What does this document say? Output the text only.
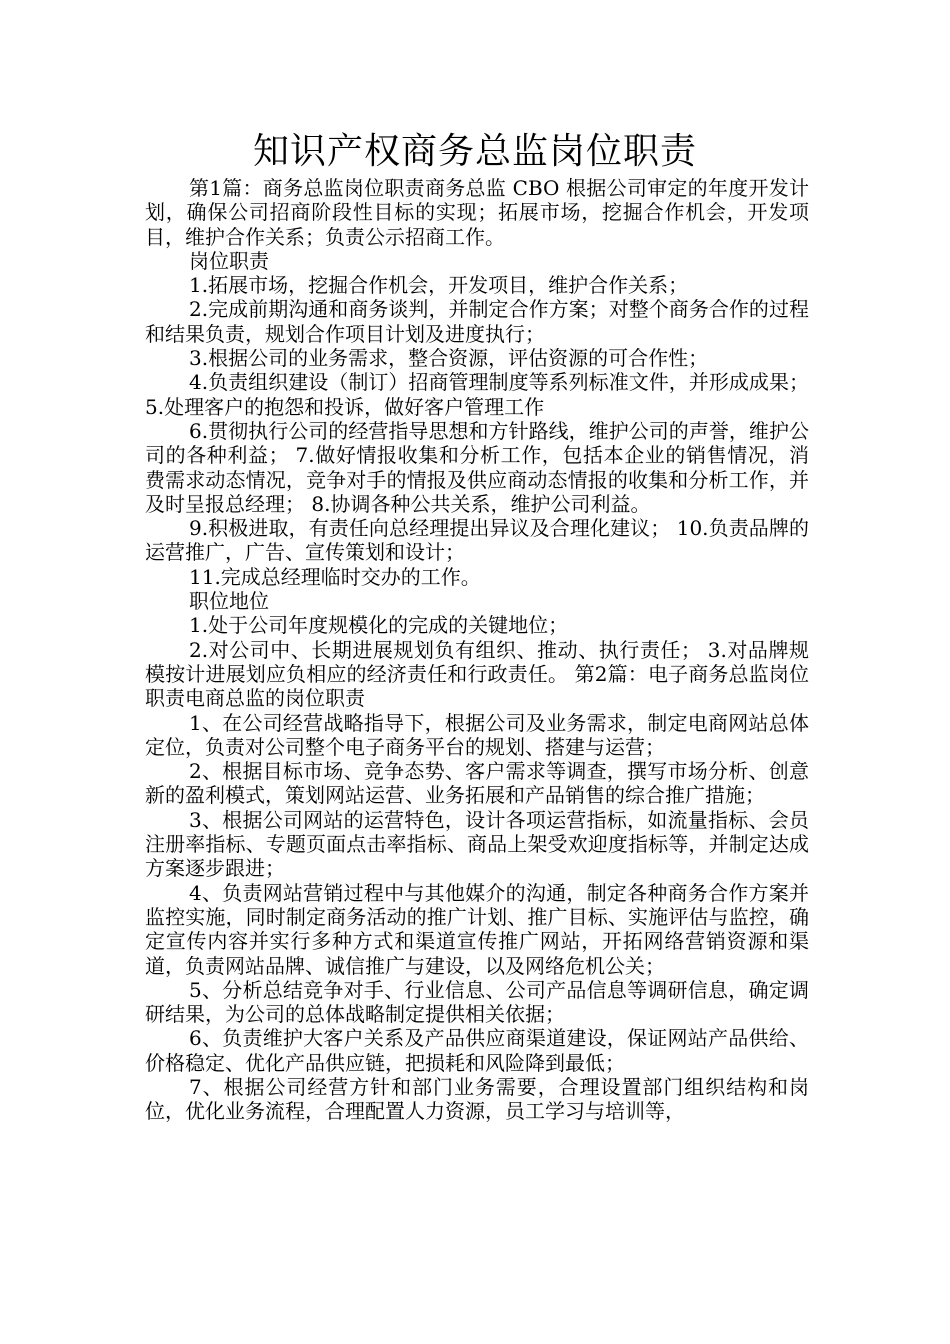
知识产权商务总监岗位职责

第1篇：商务总监岗位职责商务总监 CBO 根据公司审定的年度开发计划，确保公司招商阶段性目标的实现；拓展市场，挖掘合作机会，开发项目，维护合作关系；负责公示招商工作。

岗位职责

1.拓展市场，挖掘合作机会，开发项目，维护合作关系；

2.完成前期沟通和商务谈判，并制定合作方案；对整个商务合作的过程和结果负责，规划合作项目计划及进度执行；

3.根据公司的业务需求，整合资源，评估资源的可合作性；

4.负责组织建设（制订）招商管理制度等系列标准文件，并形成成果； 5.处理客户的抱怨和投诉，做好客户管理工作

6.贯彻执行公司的经营指导思想和方针路线，维护公司的声誉，维护公司的各种利益； 7.做好情报收集和分析工作，包括本企业的销售情况，消费需求动态情况，竞争对手的情报及供应商动态情报的收集和分析工作，并及时呈报总经理； 8.协调各种公共关系，维护公司利益。

9.积极进取，有责任向总经理提出异议及合理化建议； 10.负责品牌的运营推广，广告、宣传策划和设计；

11.完成总经理临时交办的工作。

职位地位

1.处于公司年度规模化的完成的关键地位；

2.对公司中、长期进展规划负有组织、推动、执行责任； 3.对品牌规模按计进展划应负相应的经济责任和行政责任。 第2篇：电子商务总监岗位职责电商总监的岗位职责

1、在公司经营战略指导下，根据公司及业务需求，制定电商网站总体定位，负责对公司整个电子商务平台的规划、搭建与运营；

2、根据目标市场、竞争态势、客户需求等调查，撰写市场分析、创意新的盈利模式，策划网站运营、业务拓展和产品销售的综合推广措施；

3、根据公司网站的运营特色，设计各项运营指标，如流量指标、会员注册率指标、专题页面点击率指标、商品上架受欢迎度指标等，并制定达成方案逐步跟进；

4、负责网站营销过程中与其他媒介的沟通，制定各种商务合作方案并监控实施，同时制定商务活动的推广计划、推广目标、实施评估与监控，确定宣传内容并实行多种方式和渠道宣传推广网站，开拓网络营销资源和渠道，负责网站品牌、诚信推广与建设，以及网络危机公关；

5、分析总结竞争对手、行业信息、公司产品信息等调研信息，确定调研结果，为公司的总体战略制定提供相关依据；

6、负责维护大客户关系及产品供应商渠道建设，保证网站产品供给、价格稳定、优化产品供应链，把损耗和风险降到最低；

7、根据公司经营方针和部门业务需要，合理设置部门组织结构和岗位，优化业务流程，合理配置人力资源，员工学习与培训等，
